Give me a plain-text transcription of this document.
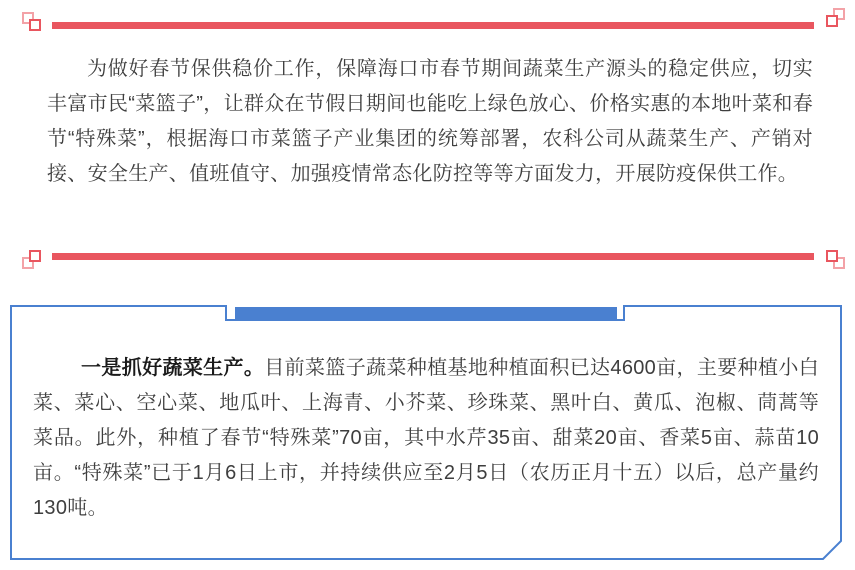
为做好春节保供稳价工作，保障海口市春节期间蔬菜生产源头的稳定供应，切实丰富市民“菜篮子”，让群众在节假日期间也能吃上绿色放心、价格实惠的本地叶菜和春节“特殊菜”，根据海口市菜篮子产业集团的统筹部署，农科公司从蔬菜生产、产销对接、安全生产、值班值守、加强疫情常态化防控等等方面发力，开展防疫保供工作。

一是抓好蔬菜生产。目前菜篮子蔬菜种植基地种植面积已达4600亩，主要种植小白菜、菜心、空心菜、地瓜叶、上海青、小芥菜、珍珠菜、黑叶白、黄瓜、泡椒、茼蒿等菜品。此外，种植了春节“特殊菜”70亩，其中水芹35亩、甜菜20亩、香菜5亩、蒜苗10亩。“特殊菜”已于1月6日上市，并持续供应至2月5日（农历正月十五）以后，总产量约130吨。
